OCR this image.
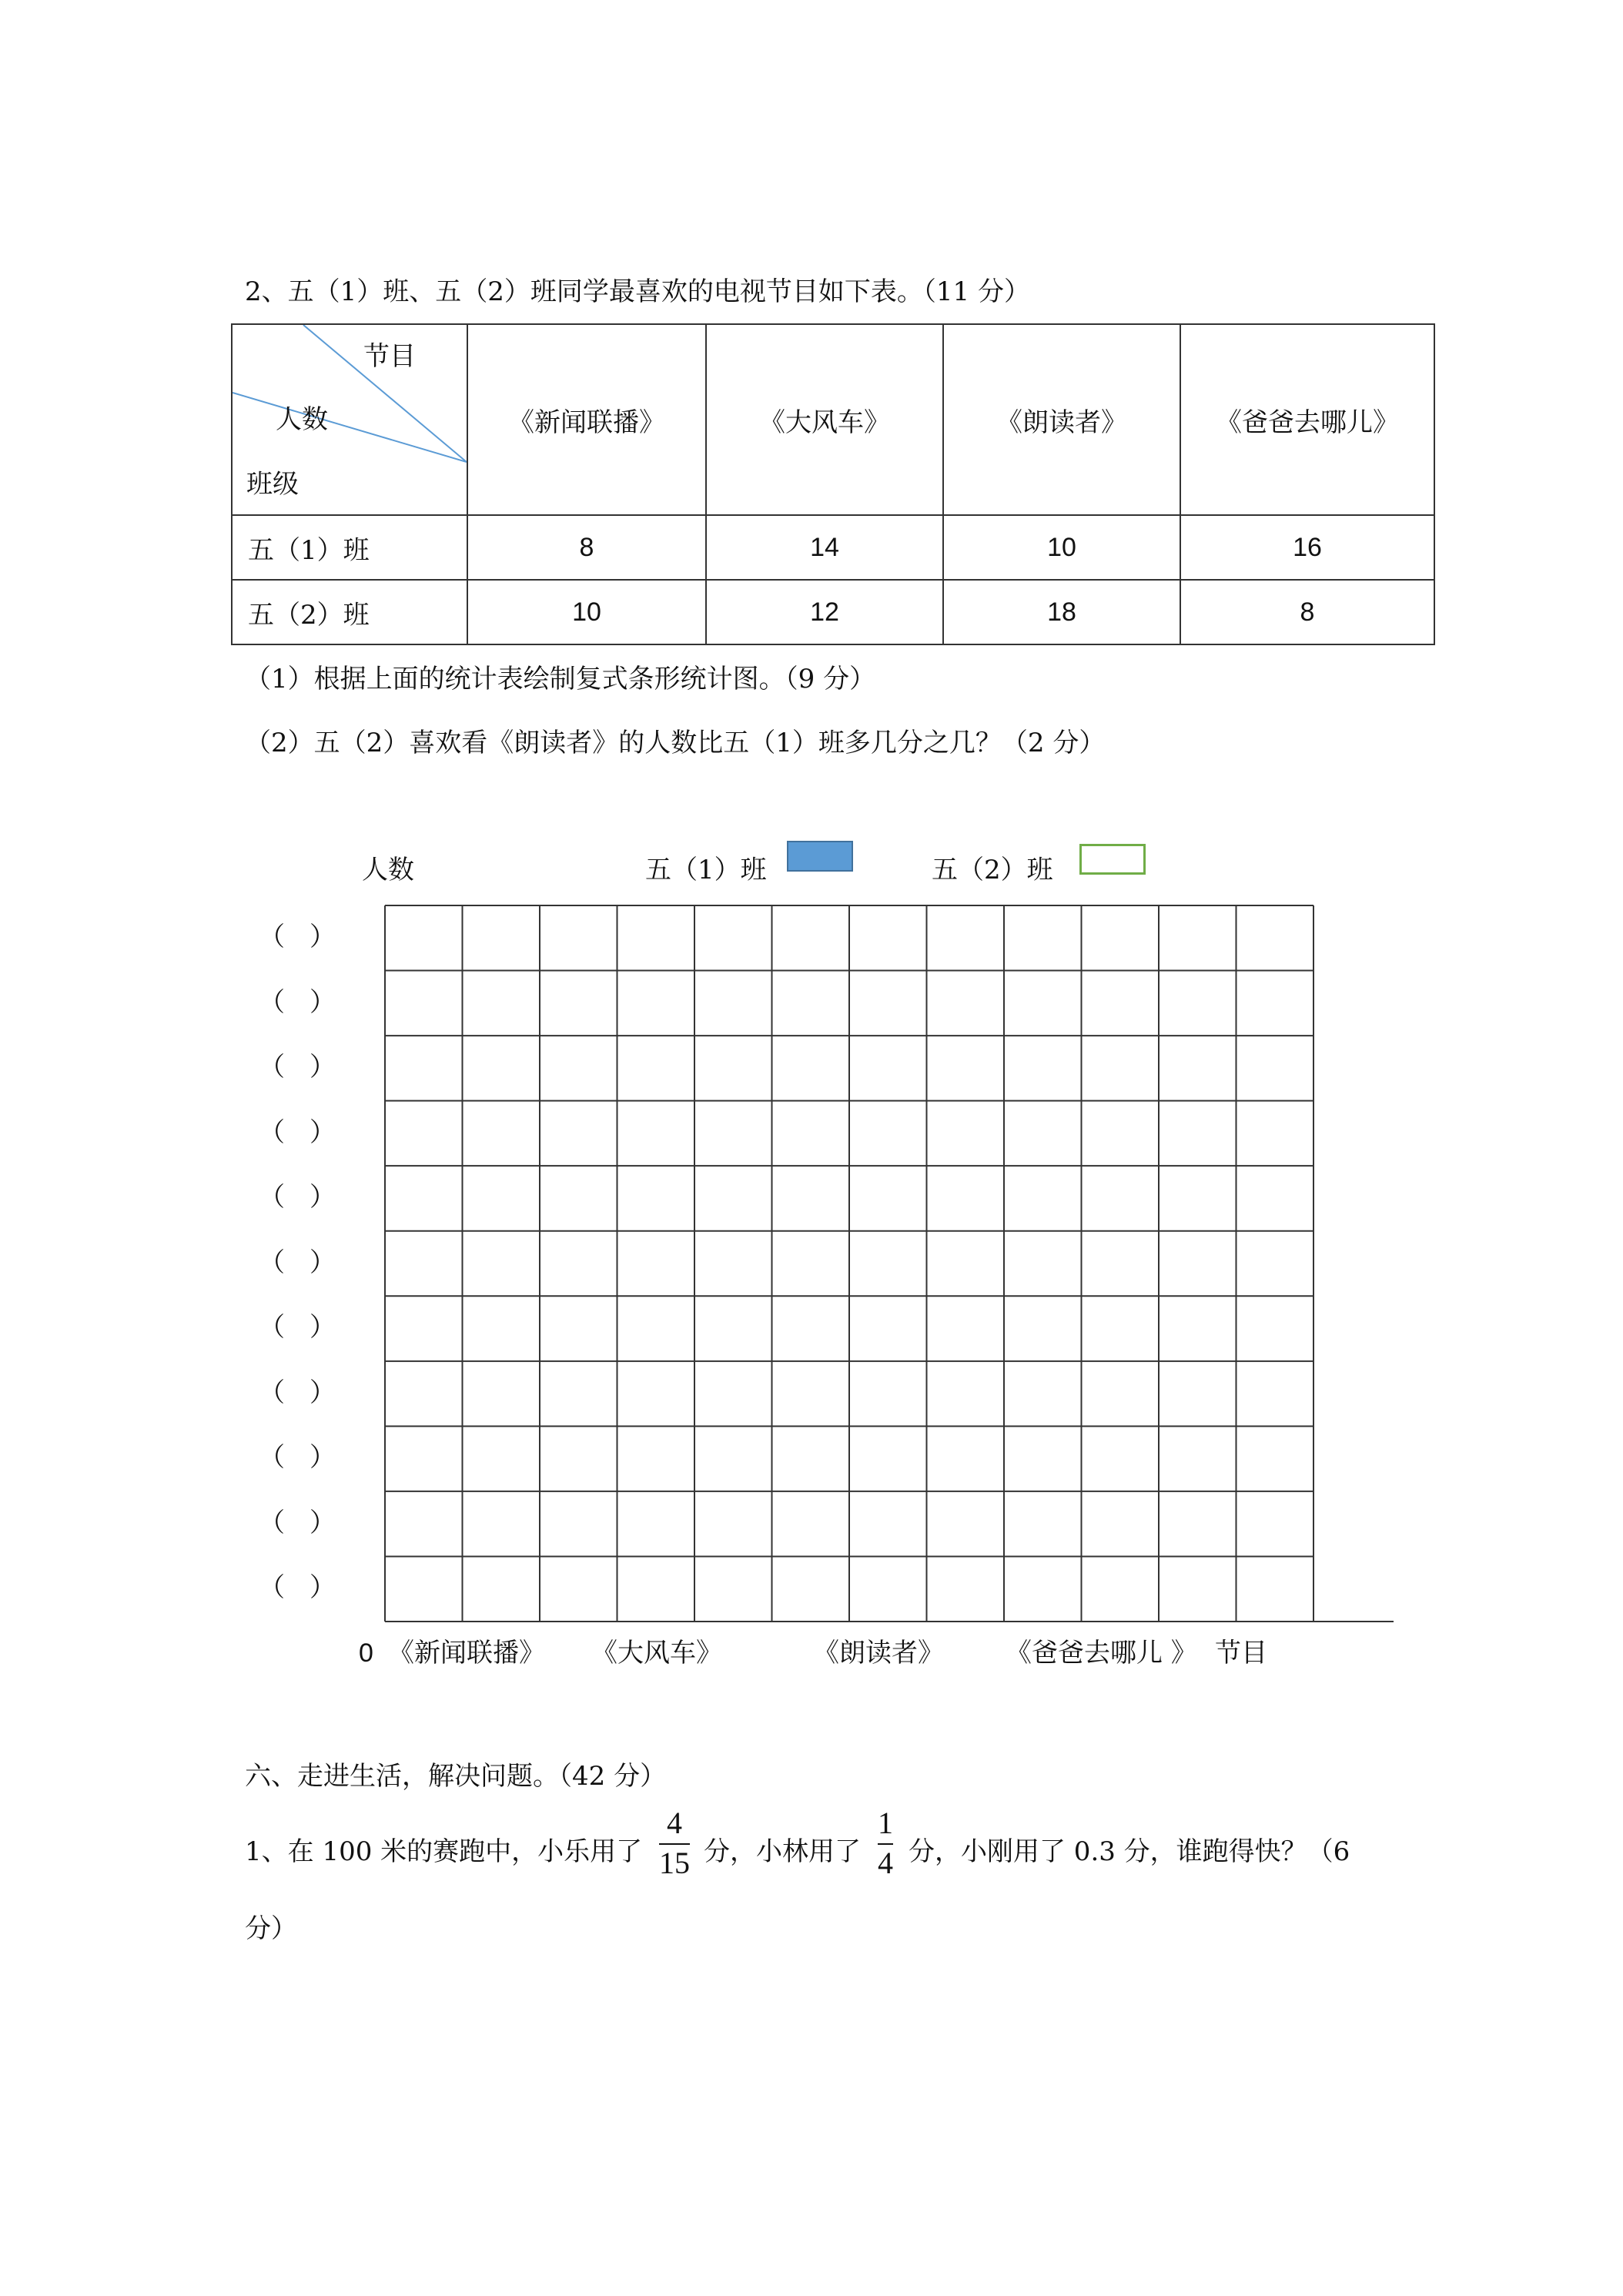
2、五（1）班、五（2）班同学最喜欢的电视节目如下表。（11 分）
节目
人数
班级	《新闻联播》	《大风车》	《朗读者》	《爸爸去哪儿》
五（1）班	8	14	10	16
五（2）班	10	12	18	8
（1）根据上面的统计表绘制复式条形统计图。（9 分）
（2）五（2）喜欢看《朗读者》的人数比五（1）班多几分之几？（2 分）
人数	五（1）班	五（2）班
（ ）
（ ）
（ ）
（ ）
（ ）
（ ）
（ ）
（ ）
（ ）
（ ）
（ ）
0 《新闻联播》 《大风车》	《朗读者》 《爸爸去哪儿 》 节目
六、走进生活，解决问题。（42 分）
1、在 100 米的赛跑中，小乐用了
4
15 分，小林用了
1
4 分，小刚用了 0.3 分，谁跑得快？（6
分）
